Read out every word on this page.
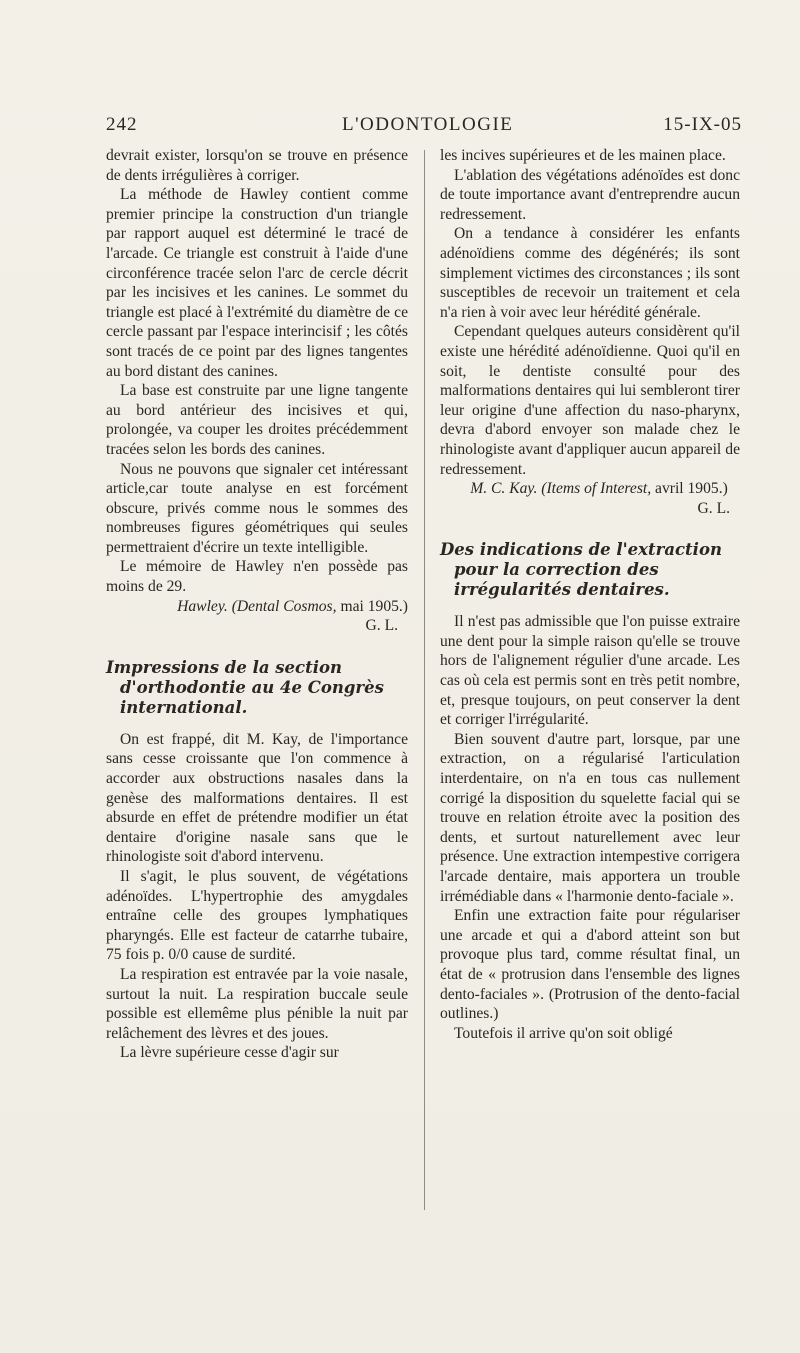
242	L'ODONTOLOGIE	15-IX-05

devrait exister, lorsqu'on se trouve en présence de dents irrégulières à corriger.

La méthode de Hawley contient comme premier principe la construction d'un triangle par rapport auquel est déterminé le tracé de l'arcade. Ce triangle est construit à l'aide d'une circonférence tracée selon l'arc de cercle décrit par les incisives et les canines. Le sommet du triangle est placé à l'extrémité du diamètre de ce cercle passant par l'espace interincisif ; les côtés sont tracés de ce point par des lignes tangentes au bord distant des canines.

La base est construite par une ligne tangente au bord antérieur des incisives et qui, prolongée, va couper les droites précédemment tracées selon les bords des canines.

Nous ne pouvons que signaler cet intéressant article,car toute analyse en est forcément obscure, privés comme nous le sommes des nombreuses figures géométriques qui seules permettraient d'écrire un texte intelligible.

Le mémoire de Hawley n'en possède pas moins de 29.

Hawley. (Dental Cosmos, mai 1905.)

G. L.

Impressions de la section d'orthodontie au 4e Congrès international.

On est frappé, dit M. Kay, de l'importance sans cesse croissante que l'on commence à accorder aux obstructions nasales dans la genèse des malformations dentaires. Il est absurde en effet de prétendre modifier un état dentaire d'origine nasale sans que le rhinologiste soit d'abord intervenu.

Il s'agit, le plus souvent, de végétations adénoïdes. L'hypertrophie des amygdales entraîne celle des groupes lymphatiques pharyngés. Elle est facteur de catarrhe tubaire, 75 fois p. 0/0 cause de surdité.

La respiration est entravée par la voie nasale, surtout la nuit. La respiration buccale seule possible est ellemême plus pénible la nuit par relâchement des lèvres et des joues.

La lèvre supérieure cesse d'agir sur

les incives supérieures et de les mainen place.

L'ablation des végétations adénoïdes est donc de toute importance avant d'entreprendre aucun redressement.

On a tendance à considérer les enfants adénoïdiens comme des dégénérés; ils sont simplement victimes des circonstances ; ils sont susceptibles de recevoir un traitement et cela n'a rien à voir avec leur hérédité générale.

Cependant quelques auteurs considèrent qu'il existe une hérédité adénoïdienne. Quoi qu'il en soit, le dentiste consulté pour des malformations dentaires qui lui sembleront tirer leur origine d'une affection du naso-pharynx, devra d'abord envoyer son malade chez le rhinologiste avant d'appliquer aucun appareil de redressement.

M. C. Kay. (Items of Interest, avril 1905.)

G. L.

Des indications de l'extraction pour la correction des irrégularités dentaires.

Il n'est pas admissible que l'on puisse extraire une dent pour la simple raison qu'elle se trouve hors de l'alignement régulier d'une arcade. Les cas où cela est permis sont en très petit nombre, et, presque toujours, on peut conserver la dent et corriger l'irrégularité.

Bien souvent d'autre part, lorsque, par une extraction, on a régularisé l'articulation interdentaire, on n'a en tous cas nullement corrigé la disposition du squelette facial qui se trouve en relation étroite avec la position des dents, et surtout naturellement avec leur présence. Une extraction intempestive corrigera l'arcade dentaire, mais apportera un trouble irrémédiable dans « l'harmonie dento-faciale ».

Enfin une extraction faite pour régulariser une arcade et qui a d'abord atteint son but provoque plus tard, comme résultat final, un état de « protrusion dans l'ensemble des lignes dento-faciales ». (Protrusion of the dento-facial outlines.)

Toutefois il arrive qu'on soit obligé
